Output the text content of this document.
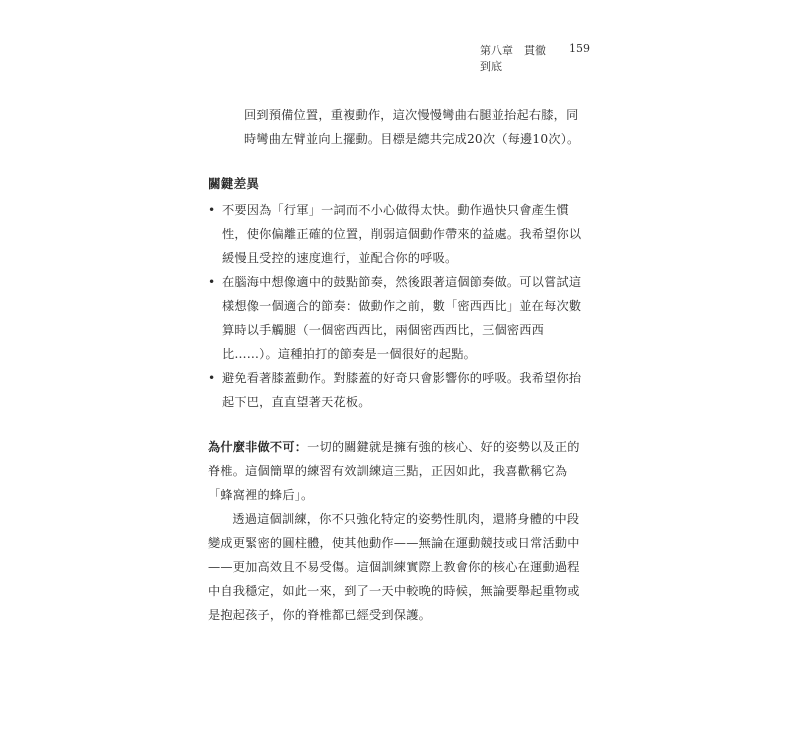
第八章　貫徹到底
159

回到預備位置，重複動作，這次慢慢彎曲右腿並抬起右膝，同時彎曲左臂並向上擺動。目標是總共完成20次（每邊10次）。

關鍵差異
• 不要因為「行軍」一詞而不小心做得太快。動作過快只會產生慣性，使你偏離正確的位置，削弱這個動作帶來的益處。我希望你以緩慢且受控的速度進行，並配合你的呼吸。
• 在腦海中想像適中的鼓點節奏，然後跟著這個節奏做。可以嘗試這樣想像一個適合的節奏：做動作之前，數「密西西比」並在每次數算時以手觸腿（一個密西西比，兩個密西西比，三個密西西比……）。這種拍打的節奏是一個很好的起點。
• 避免看著膝蓋動作。對膝蓋的好奇只會影響你的呼吸。我希望你抬起下巴，直直望著天花板。

為什麼非做不可：一切的關鍵就是擁有強的核心、好的姿勢以及正的脊椎。這個簡單的練習有效訓練這三點，正因如此，我喜歡稱它為「蜂窩裡的蜂后」。

透過這個訓練，你不只強化特定的姿勢性肌肉，還將身體的中段變成更緊密的圓柱體，使其他動作——無論在運動競技或日常活動中——更加高效且不易受傷。這個訓練實際上教會你的核心在運動過程中自我穩定，如此一來，到了一天中較晚的時候，無論要舉起重物或是抱起孩子，你的脊椎都已經受到保護。
